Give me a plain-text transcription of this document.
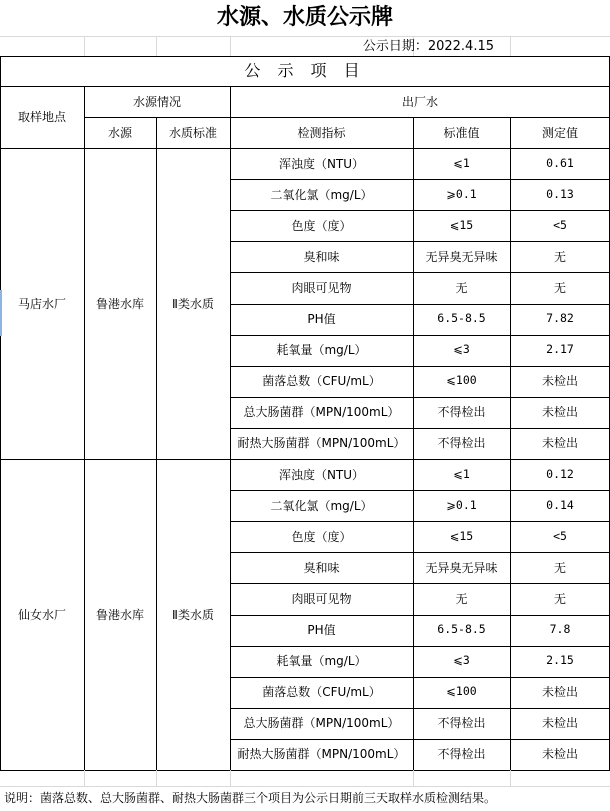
水源、水质公示牌
公示日期：2022.4.15
公 示 项 目
取样地点
水源情况
水源	水质标准
出厂水
检测指标	标准值	测定值
马店水厂	鲁港水库	Ⅱ类水质
浑浊度（NTU）	⩽1	0.61
二氧化氯（mg/L）	⩾0.1	0.13
色度（度）	⩽15	<5
臭和味	无异臭无异味	无
肉眼可见物	无	无
PH值	6.5-8.5	7.82
耗氧量（mg/L）	⩽3	2.17
菌落总数（CFU/mL）	⩽100	未检出
总大肠菌群（MPN/100mL）	不得检出	未检出
耐热大肠菌群（MPN/100mL）	不得检出	未检出
仙女水厂	鲁港水库	Ⅱ类水质
浑浊度（NTU）	⩽1	0.12
二氧化氯（mg/L）	⩾0.1	0.14
色度（度）	⩽15	<5
臭和味	无异臭无异味	无
肉眼可见物	无	无
PH值	6.5-8.5	7.8
耗氧量（mg/L）	⩽3	2.15
菌落总数（CFU/mL）	⩽100	未检出
总大肠菌群（MPN/100mL）	不得检出	未检出
耐热大肠菌群（MPN/100mL）	不得检出	未检出
说明：菌落总数、总大肠菌群、耐热大肠菌群三个项目为公示日期前三天取样水质检测结果。
